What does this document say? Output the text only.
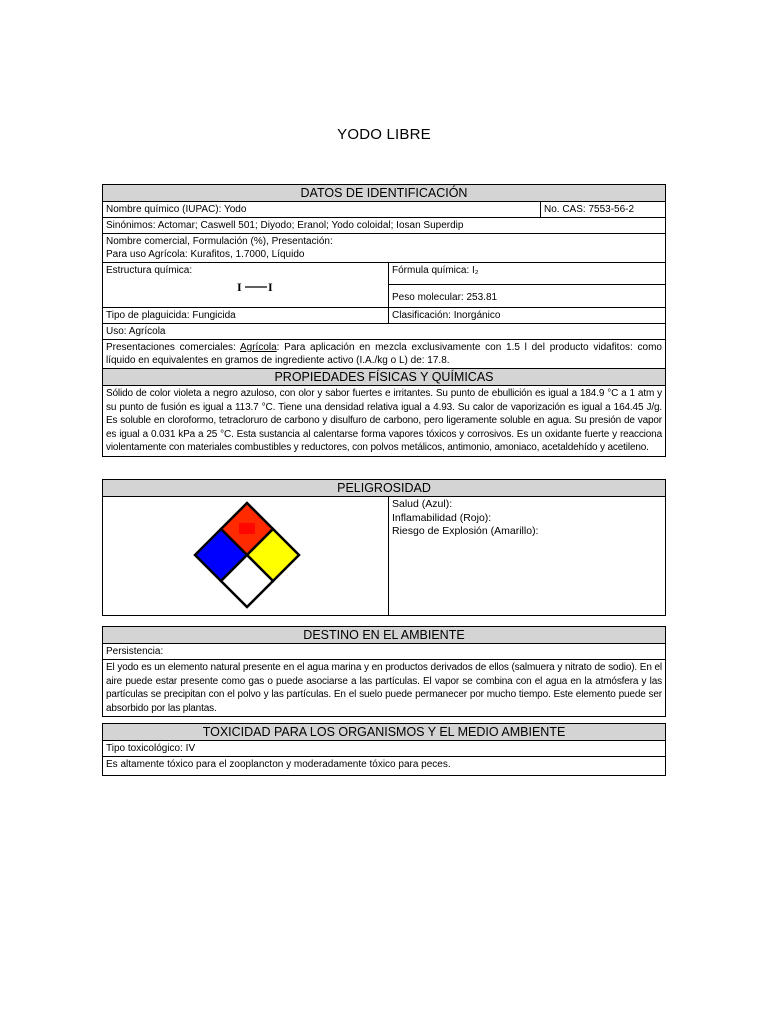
YODO LIBRE
DATOS DE IDENTIFICACIÓN
Nombre químico (IUPAC): Yodo	No. CAS: 7553-56-2
Sinónimos: Actomar; Caswell 501; Diyodo; Eranol; Yodo coloidal; Iosan Superdip
Nombre comercial, Formulación (%), Presentación:
Para uso Agrícola: Kurafitos, 1.7000, Líquido
Estructura química:
I I
Fórmula química: I₂
Peso molecular: 253.81
Tipo de plaguicida: Fungicida	Clasificación: Inorgánico
Uso: Agrícola
Presentaciones comerciales: Agrícola: Para aplicación en mezcla exclusivamente con 1.5 l del producto vidafitos: como líquido en equivalentes en gramos de ingrediente activo (I.A./kg o L) de: 17.8.
PROPIEDADES FÍSICAS Y QUÍMICAS
Sólido de color violeta a negro azuloso, con olor y sabor fuertes e irritantes. Su punto de ebullición es igual a 184.9 °C a 1 atm y su punto de fusión es igual a 113.7 °C. Tiene una densidad relativa igual a 4.93. Su calor de vaporización es igual a 164.45 J/g. Es soluble en cloroformo, tetracloruro de carbono y disulfuro de carbono, pero ligeramente soluble en agua. Su presión de vapor es igual a 0.031 kPa a 25 °C. Esta sustancia al calentarse forma vapores tóxicos y corrosivos. Es un oxidante fuerte y reacciona violentamente con materiales combustibles y reductores, con polvos metálicos, antimonio, amoniaco, acetaldehído y acetileno.
PELIGROSIDAD
Salud (Azul):
Inflamabilidad (Rojo):
Riesgo de Explosión (Amarillo):
DESTINO EN EL AMBIENTE
Persistencia:
El yodo es un elemento natural presente en el agua marina y en productos derivados de ellos (salmuera y nitrato de sodio). En el aire puede estar presente como gas o puede asociarse a las partículas. El vapor se combina con el agua en la atmósfera y las partículas se precipitan con el polvo y las partículas. En el suelo puede permanecer por mucho tiempo. Este elemento puede ser absorbido por las plantas.
TOXICIDAD PARA LOS ORGANISMOS Y EL MEDIO AMBIENTE
Tipo toxicológico: IV
Es altamente tóxico para el zooplancton y moderadamente tóxico para peces.
